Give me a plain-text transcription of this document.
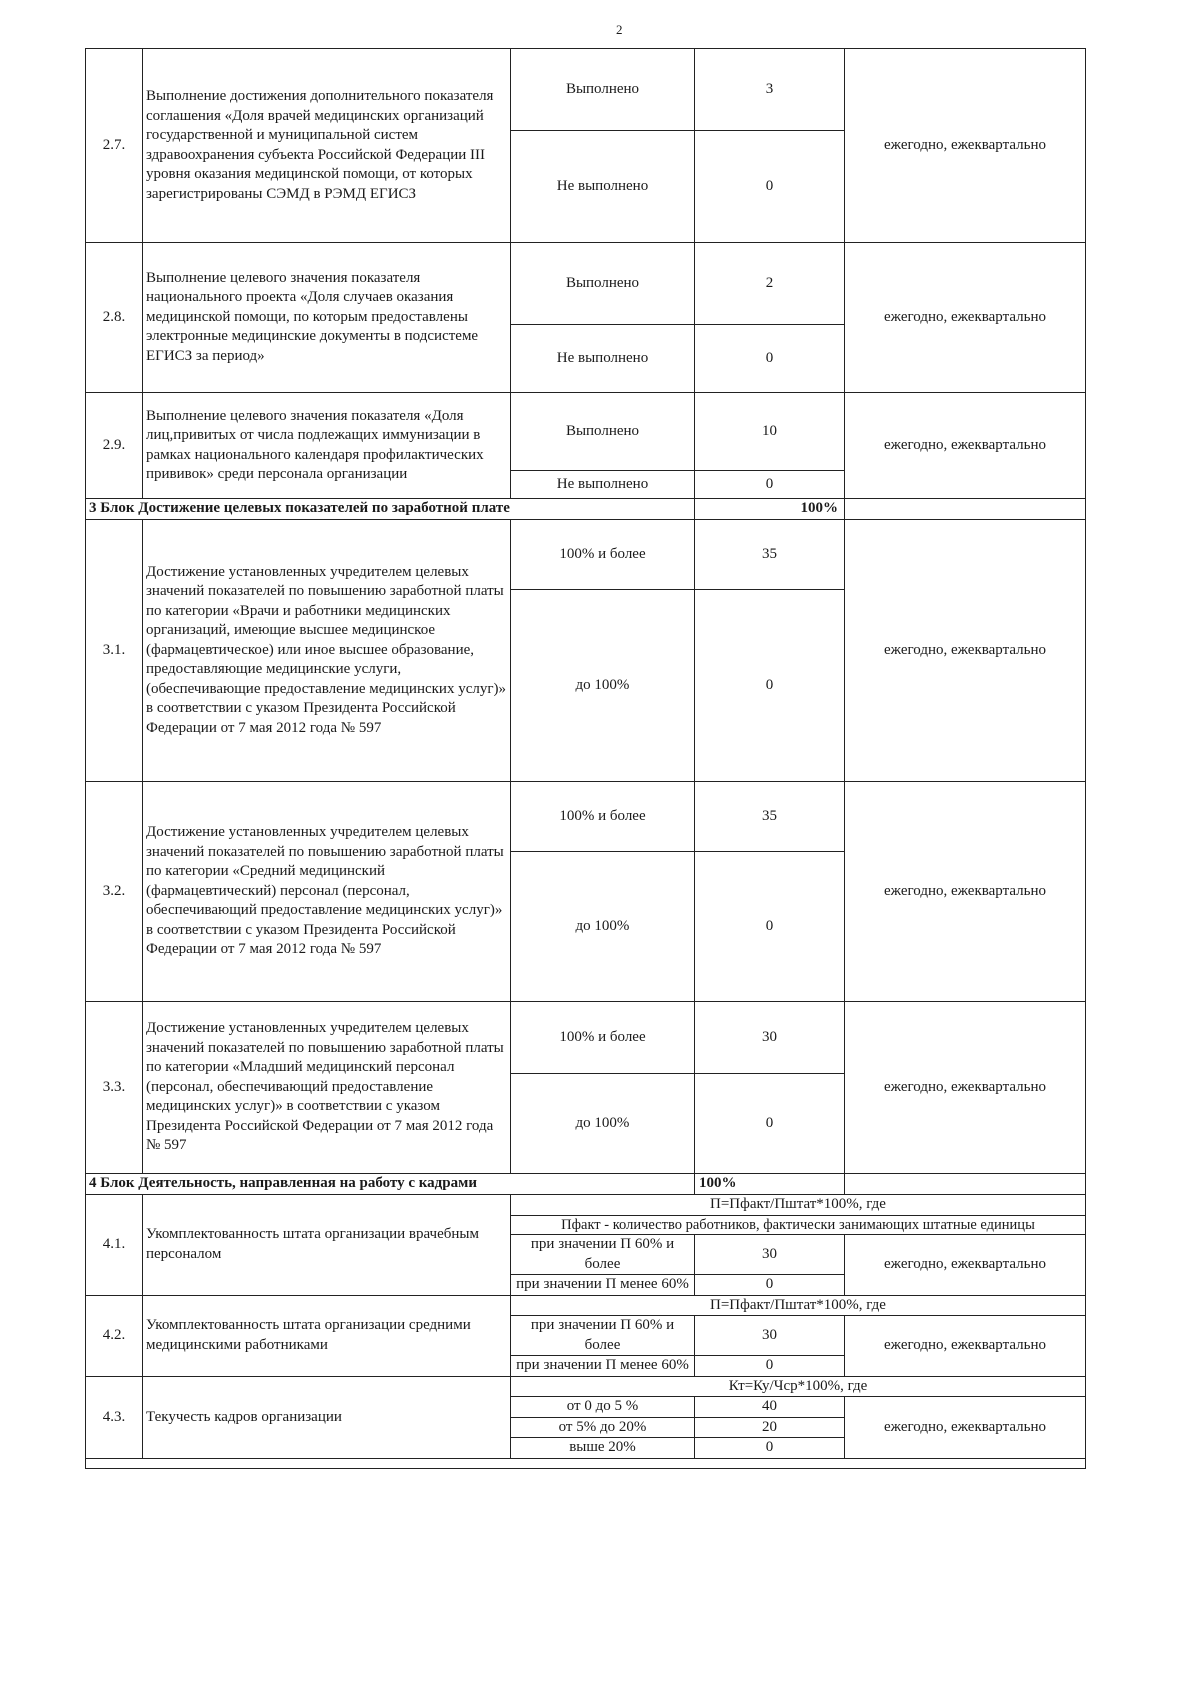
2
2.7.	Выполнение достижения дополнительного показателя соглашения «Доля врачей медицинских организаций государственной и муниципальной систем здравоохранения субъекта Российской Федерации III уровня оказания медицинской помощи, от которых зарегистрированы СЭМД в РЭМД ЕГИСЗ	Выполнено	3	ежегодно, ежеквартально
		Не выполнено	0	
2.8.	Выполнение целевого значения показателя национального проекта «Доля случаев оказания медицинской помощи, по которым предоставлены электронные медицинские документы в подсистеме ЕГИСЗ за период»	Выполнено	2	ежегодно, ежеквартально
		Не выполнено	0	
2.9.	Выполнение целевого значения показателя «Доля лиц,привитых от числа подлежащих иммунизации в рамках национального календаря профилактических прививок» среди персонала организации	Выполнено	10	ежегодно, ежеквартально
		Не выполнено	0	
3 Блок Достижение целевых показателей по заработной плате			100%	
3.1.	Достижение установленных учредителем целевых значений показателей по повышению заработной платы по категории «Врачи и работники медицинских организаций, имеющие высшее медицинское (фармацевтическое) или иное высшее образование, предоставляющие медицинские услуги, (обеспечивающие предоставление медицинских услуг)» в соответствии с указом Президента Российской Федерации от 7 мая 2012 года № 597	100% и более	35	ежегодно, ежеквартально
		до 100%	0	
3.2.	Достижение установленных учредителем целевых значений показателей по повышению заработной платы по категории «Средний медицинский (фармацевтический) персонал (персонал, обеспечивающий предоставление медицинских услуг)» в соответствии с указом Президента Российской Федерации от 7 мая 2012 года № 597	100% и более	35	ежегодно, ежеквартально
		до 100%	0	
3.3.	Достижение установленных учредителем целевых значений показателей по повышению заработной платы по категории «Младший медицинский персонал (персонал, обеспечивающий предоставление медицинских услуг)» в соответствии с указом Президента Российской Федерации от 7 мая 2012 года № 597	100% и более	30	ежегодно, ежеквартально
		до 100%	0	
4 Блок Деятельность, направленная на работу с кадрами			100%	
4.1.	Укомплектованность штата организации врачебным персоналом	П=Пфакт/Пштат*100%, где		
		Пфакт - количество работников, фактически занимающих штатные единицы		
		при значении П 60% и более	30	ежегодно, ежеквартально
		при значении П менее 60%	0	
4.2.	Укомплектованность штата организации средними медицинскими работниками	П=Пфакт/Пштат*100%, где		
		при значении П 60% и более	30	ежегодно, ежеквартально
		при значении П менее 60%	0	
4.3.	Текучесть кадров организации	Кт=Ку/Чср*100%, где		
		от 0 до 5 %	40	ежегодно, ежеквартально
		от 5% до 20%	20	
		выше 20%	0	
